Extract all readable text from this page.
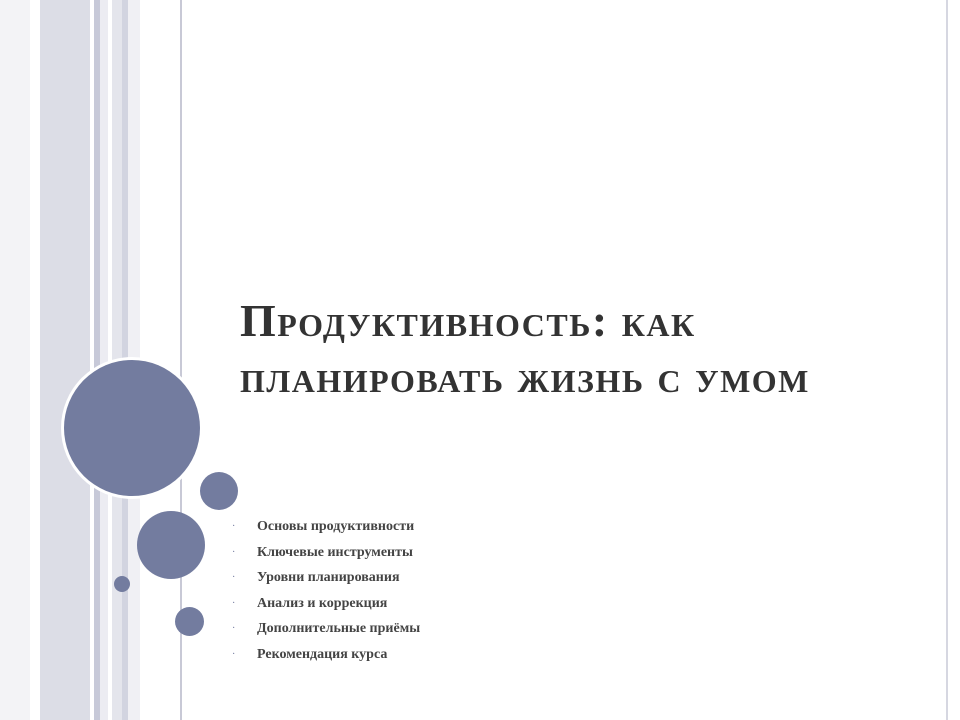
Продуктивность: как планировать жизнь с умом
·	Основы продуктивности
·	Ключевые инструменты
·	Уровни планирования
·	Анализ и коррекция
·	Дополнительные приёмы
·	Рекомендация курса
